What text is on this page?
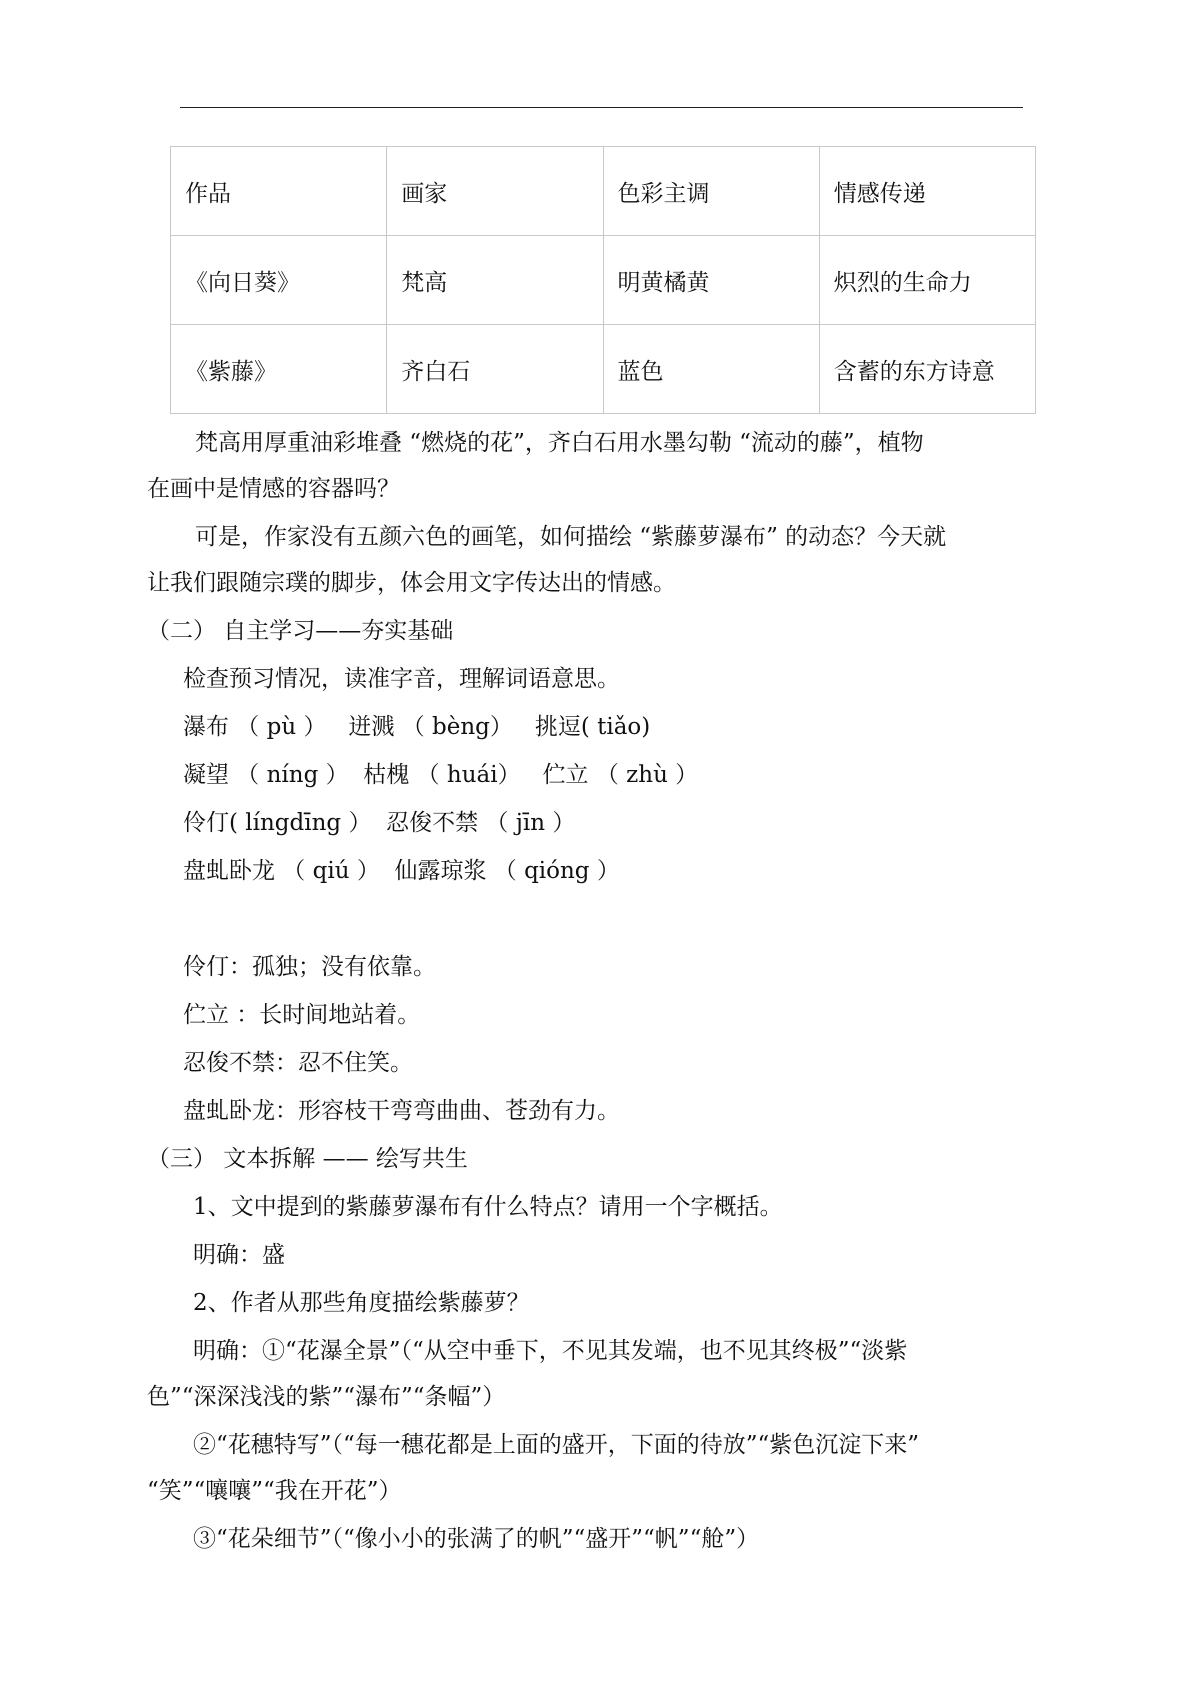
作品	画家	色彩主调	情感传递
《向日葵》	梵高	明黄橘黄	炽烈的生命力
《紫藤》	齐白石	蓝色	含蓄的东方诗意
梵高用厚重油彩堆叠 “燃烧的花”，齐白石用水墨勾勒 “流动的藤”，植物
在画中是情感的容器吗？
可是，作家没有五颜六色的画笔，如何描绘 “紫藤萝瀑布” 的动态？今天就
让我们跟随宗璞的脚步，体会用文字传达出的情感。
（二） 自主学习——夯实基础
检查预习情况，读准字音，理解词语意思。
瀑布 （ pù ）   迸溅 （ bèng）   挑逗( tiǎo)
凝望 （ níng ）  枯槐 （ huái）   伫立 （ zhù ）
伶仃( língdīng ）  忍俊不禁 （ jīn ）
盘虬卧龙 （ qiú ）  仙露琼浆 （ qióng ）
伶仃：孤独；没有依靠。
伫立 ：长时间地站着。
忍俊不禁：忍不住笑。
盘虬卧龙：形容枝干弯弯曲曲、苍劲有力。
（三） 文本拆解 —— 绘写共生
1、文中提到的紫藤萝瀑布有什么特点？请用一个字概括。
明确：盛
2、作者从那些角度描绘紫藤萝？
明确：①“花瀑全景”（“从空中垂下，不见其发端，也不见其终极”“淡紫
色”“深深浅浅的紫”“瀑布”“条幅”）
②“花穗特写”（“每一穗花都是上面的盛开，下面的待放”“紫色沉淀下来”
“笑”“嚷嚷”“我在开花”）
③“花朵细节”（“像小小的张满了的帆”“盛开”“帆”“舱”）
